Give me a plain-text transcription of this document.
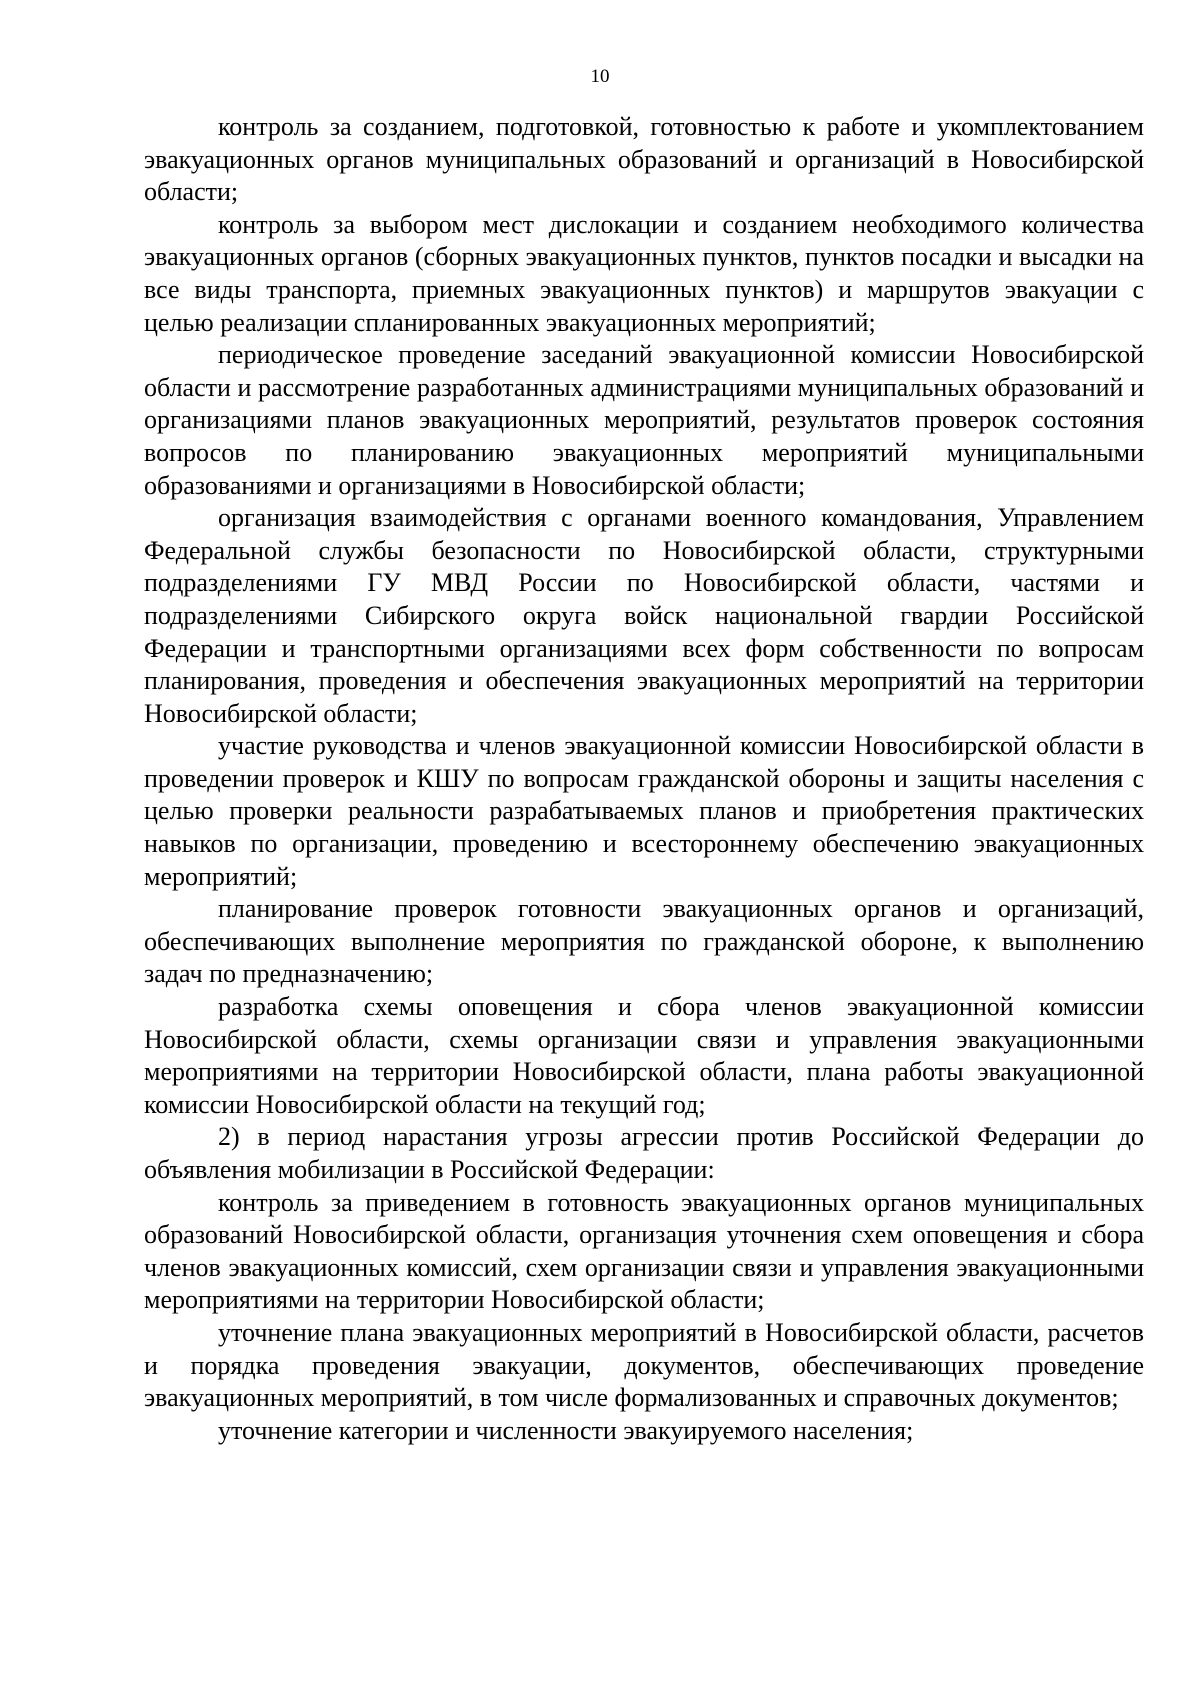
10

контроль за созданием, подготовкой, готовностью к работе и укомплектованием эвакуационных органов муниципальных образований и организаций в Новосибирской области;

контроль за выбором мест дислокации и созданием необходимого количества эвакуационных органов (сборных эвакуационных пунктов, пунктов посадки и высадки на все виды транспорта, приемных эвакуационных пунктов) и маршрутов эвакуации с целью реализации спланированных эвакуационных мероприятий;

периодическое проведение заседаний эвакуационной комиссии Новосибирской области и рассмотрение разработанных администрациями муниципальных образований и организациями планов эвакуационных мероприятий, результатов проверок состояния вопросов по планированию эвакуационных мероприятий муниципальными образованиями и организациями в Новосибирской области;

организация взаимодействия с органами военного командования, Управлением Федеральной службы безопасности по Новосибирской области, структурными подразделениями ГУ МВД России по Новосибирской области, частями и подразделениями Сибирского округа войск национальной гвардии Российской Федерации и транспортными организациями всех форм собственности по вопросам планирования, проведения и обеспечения эвакуационных мероприятий на территории Новосибирской области;

участие руководства и членов эвакуационной комиссии Новосибирской области в проведении проверок и КШУ по вопросам гражданской обороны и защиты населения с целью проверки реальности разрабатываемых планов и приобретения практических навыков по организации, проведению и всестороннему обеспечению эвакуационных мероприятий;

планирование проверок готовности эвакуационных органов и организаций, обеспечивающих выполнение мероприятия по гражданской обороне, к выполнению задач по предназначению;

разработка схемы оповещения и сбора членов эвакуационной комиссии Новосибирской области, схемы организации связи и управления эвакуационными мероприятиями на территории Новосибирской области, плана работы эвакуационной комиссии Новосибирской области на текущий год;

2) в период нарастания угрозы агрессии против Российской Федерации до объявления мобилизации в Российской Федерации:

контроль за приведением в готовность эвакуационных органов муниципальных образований Новосибирской области, организация уточнения схем оповещения и сбора членов эвакуационных комиссий, схем организации связи и управления эвакуационными мероприятиями на территории Новосибирской области;

уточнение плана эвакуационных мероприятий в Новосибирской области, расчетов и порядка проведения эвакуации, документов, обеспечивающих проведение эвакуационных мероприятий, в том числе формализованных и справочных документов;

уточнение категории и численности эвакуируемого населения;
